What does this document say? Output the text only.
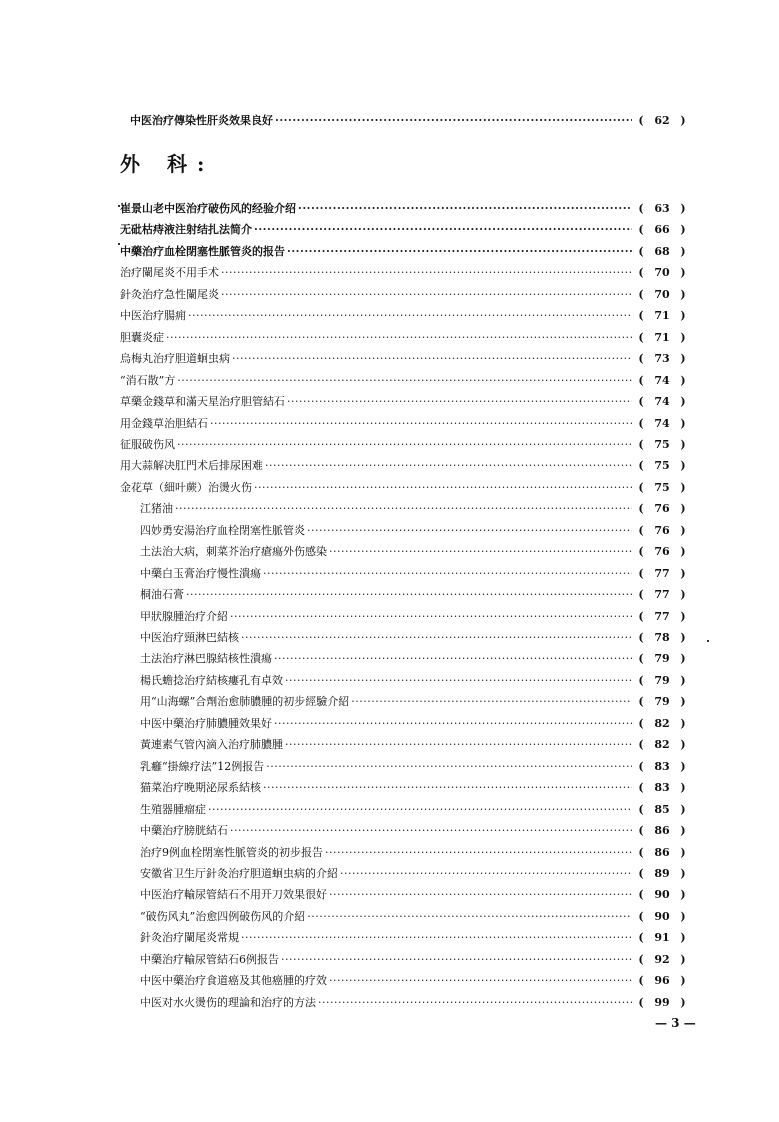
中医治疗傳染性肝炎效果良好 ·····	( 62 )
外 科:
崔景山老中医治疗破伤风的经验介绍 ·····	( 63 )
无砒枯痔液注射结扎法简介 ·····	( 66 )
中藥治疗血栓閉塞性脈管炎的报告 ·····	( 68 )
治疗闌尾炎不用手术 ·····	( 70 )
針灸治疗急性闌尾炎 ·····	( 70 )
中医治疗腸痈 ·····	( 71 )
胆囊炎症 ·····	( 71 )
烏梅丸治疗胆道蛔虫病 ·····	( 73 )
“消石散”方 ·····	( 74 )
草藥金錢草和滿天星治疗胆管結石 ·····	( 74 )
用金錢草治胆結石 ·····	( 74 )
征服破伤风 ·····	( 75 )
用大蒜解决肛門术后排尿困难 ·····	( 75 )
金花草（細叶蕨）治燙火伤 ·····	( 75 )
江猪油 ·····	( 76 )
四妙勇安湯治疗血栓閉塞性脈管炎 ·····	( 76 )
土法治大病，刺菜芥治疗瘡瘍外伤感染 ·····	( 76 )
中藥白玉膏治疗慢性潰瘍 ·····	( 77 )
桐油石膏 ·····	( 77 )
甲狀腺腫治疗介紹 ·····	( 77 )
中医治疗頸淋巴結核 ·····	( 78 )
土法治疗淋巴腺結核性潰瘍 ·····	( 79 )
楊氏蟾捻治疗結核瘻孔有卓效 ·····	( 79 )
用“山海螺”合劑治愈肺膿腫的初步經驗介紹 ·····	( 79 )
中医中藥治疗肺膿腫效果好 ·····	( 82 )
黃連素气管內滴入治疗肺膿腫 ·····	( 82 )
乳癰“掛線疗法”12例报告 ·····	( 83 )
猫菜治疗晚期泌尿系結核 ·····	( 83 )
生殖器腫瘤症 ·····	( 85 )
中藥治疗膀胱結石 ·····	( 86 )
治疗9例血栓閉塞性脈管炎的初步报告 ·····	( 86 )
安徽省卫生厅針灸治疗胆道蛔虫病的介紹 ·····	( 89 )
中医治疗輸尿管結石不用开刀效果很好 ·····	( 90 )
“破伤风丸”治愈四例破伤风的介紹 ·····	( 90 )
針灸治疗闌尾炎常規 ·····	( 91 )
中藥治疗輸尿管結石6例报告 ·····	( 92 )
中医中藥治疗食道癌及其他癌腫的疗效 ·····	( 96 )
中医对水火燙伤的理論和治疗的方法 ·····	( 99 )
— 3 —
